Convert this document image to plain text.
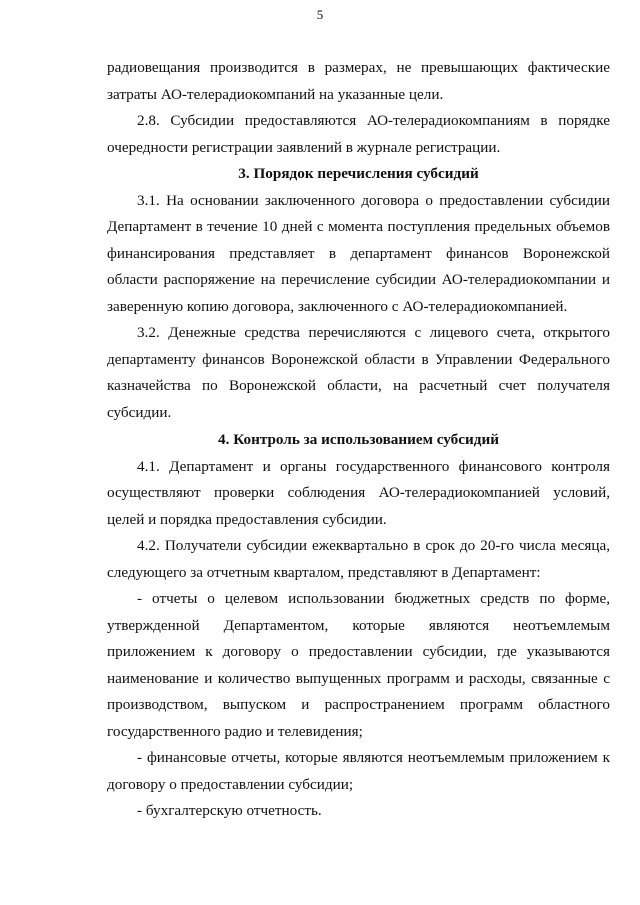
5

радиовещания производится в размерах, не превышающих фактические затраты АО-телерадиокомпаний на указанные цели.

2.8. Субсидии предоставляются АО-телерадиокомпаниям в порядке очередности регистрации заявлений в журнале регистрации.

3. Порядок перечисления субсидий

3.1. На основании заключенного договора о предоставлении субсидии Департамент в течение 10 дней с момента поступления предельных объемов финансирования представляет в департамент финансов Воронежской области распоряжение на перечисление субсидии АО-телерадиокомпании и заверенную копию договора, заключенного с АО-телерадиокомпанией.

3.2. Денежные средства перечисляются с лицевого счета, открытого департаменту финансов Воронежской области в Управлении Федерального казначейства по Воронежской области, на расчетный счет получателя субсидии.

4. Контроль за использованием субсидий

4.1. Департамент и органы государственного финансового контроля осуществляют проверки соблюдения АО-телерадиокомпанией условий, целей и порядка предоставления субсидии.

4.2. Получатели субсидии ежеквартально в срок до 20-го числа месяца, следующего за отчетным кварталом, представляют в Департамент:

- отчеты о целевом использовании бюджетных средств по форме, утвержденной Департаментом, которые являются неотъемлемым приложением к договору о предоставлении субсидии, где указываются наименование и количество выпущенных программ и расходы, связанные с производством, выпуском и распространением программ областного государственного радио и телевидения;

- финансовые отчеты, которые являются неотъемлемым приложением к договору о предоставлении субсидии;

- бухгалтерскую отчетность.
